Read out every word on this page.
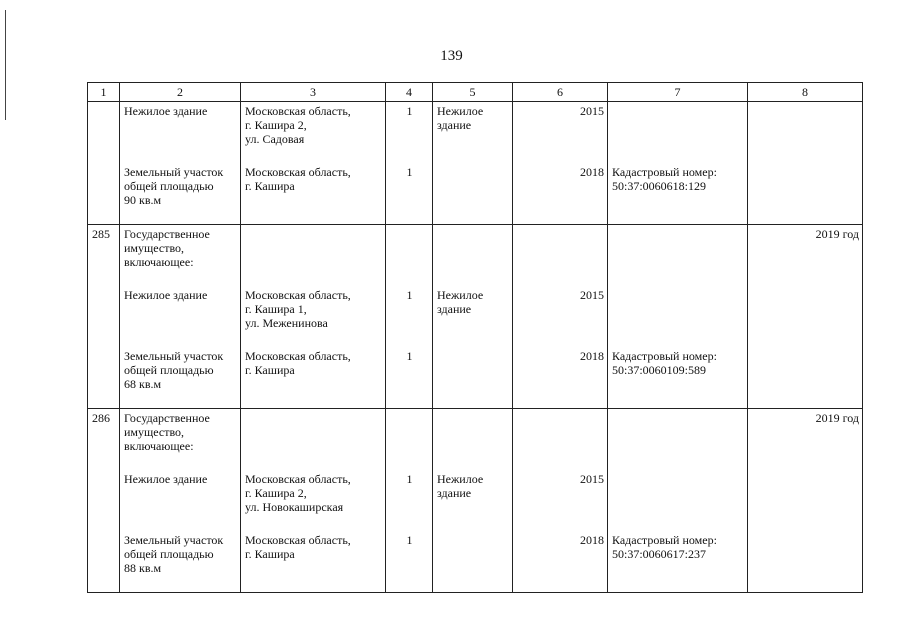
139
1	2	3	4	5	6	7	8
	Нежилое здание	Московская область,
г. Кашира 2,
ул. Садовая	1	Нежилое
здание	2015		
	Земельный участок
общей площадью
90 кв.м	Московская область,
г. Кашира	1		2018	Кадастровый номер:
50:37:0060618:129	
285	Государственное
имущество,
включающее:						2019 год
	Нежилое здание	Московская область,
г. Кашира 1,
ул. Меженинова	1	Нежилое
здание	2015		
	Земельный участок
общей площадью
68 кв.м	Московская область,
г. Кашира	1		2018	Кадастровый номер:
50:37:0060109:589	
286	Государственное
имущество,
включающее:						2019 год
	Нежилое здание	Московская область,
г. Кашира 2,
ул. Новокаширская	1	Нежилое
здание	2015		
	Земельный участок
общей площадью
88 кв.м	Московская область,
г. Кашира	1		2018	Кадастровый номер:
50:37:0060617:237	
